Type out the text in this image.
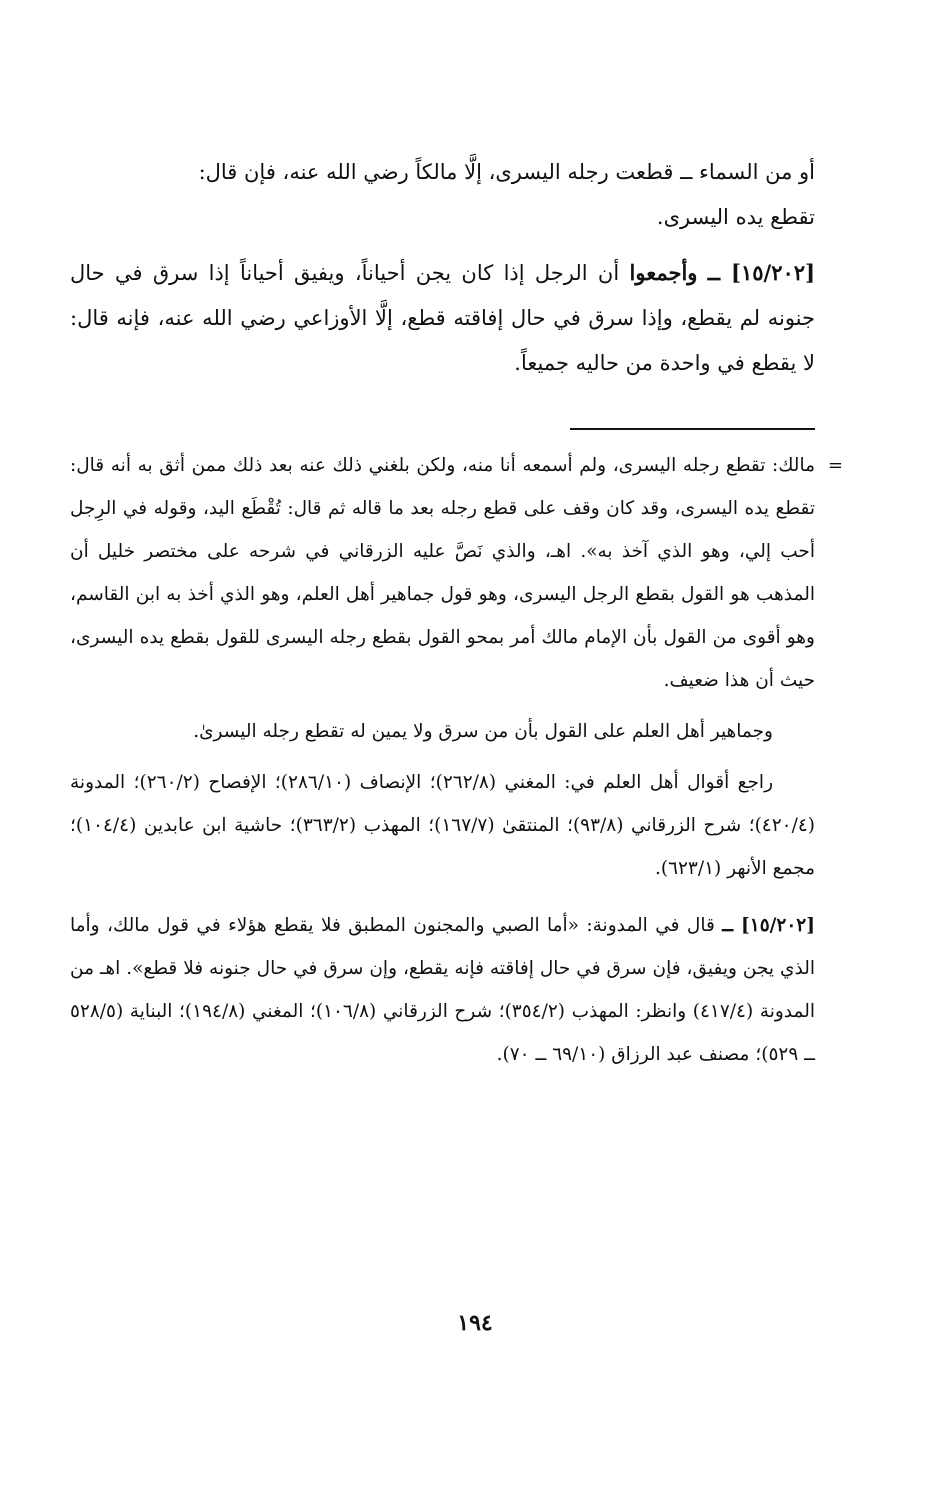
أو من السماء ــ قطعت رجله اليسرى، إلَّا مالكاً رضي الله عنه، فإن قال:
تقطع يده اليسرى.

[١٥/٢٠٢] ــ وأجمعوا أن الرجل إذا كان يجن أحياناً، ويفيق أحياناً إذا سرق في حال جنونه لم يقطع، وإذا سرق في حال إفاقته قطع، إلَّا الأوزاعي رضي الله عنه، فإنه قال: لا يقطع في واحدة من حاليه جميعاً.

=
مالك: تقطع رجله اليسرى، ولم أسمعه أنا منه، ولكن بلغني ذلك عنه بعد ذلك ممن أثق به أنه قال: تقطع يده اليسرى، وقد كان وقف على قطع رجله بعد ما قاله ثم قال: تُقْطَع اليد، وقوله في الرِجل أحب إلي، وهو الذي آخذ به». اهـ، والذي نَصَّ عليه الزرقاني في شرحه على مختصر خليل أن المذهب هو القول بقطع الرجل اليسرى، وهو قول جماهير أهل العلم، وهو الذي أخذ به ابن القاسم، وهو أقوى من القول بأن الإمام مالك أمر بمحو القول بقطع رجله اليسرى للقول بقطع يده اليسرى، حيث أن هذا ضعيف.

وجماهير أهل العلم على القول بأن من سرق ولا يمين له تقطع رجله اليسرىٰ.

راجع أقوال أهل العلم في: المغني (٢٦٢/٨)؛ الإنصاف (٢٨٦/١٠)؛ الإفصاح (٢٦٠/٢)؛ المدونة (٤٢٠/٤)؛ شرح الزرقاني (٩٣/٨)؛ المنتقىٰ (١٦٧/٧)؛ المهذب (٣٦٣/٢)؛ حاشية ابن عابدين (١٠٤/٤)؛ مجمع الأنهر (٦٢٣/١).

[١٥/٢٠٢] ــ قال في المدونة: «أما الصبي والمجنون المطبق فلا يقطع هؤلاء في قول مالك، وأما الذي يجن ويفيق، فإن سرق في حال إفاقته فإنه يقطع، وإن سرق في حال جنونه فلا قطع». اهـ من المدونة (٤١٧/٤) وانظر: المهذب (٣٥٤/٢)؛ شرح الزرقاني (١٠٦/٨)؛ المغني (١٩٤/٨)؛ البناية (٥٢٨/٥ ــ ٥٢٩)؛ مصنف عبد الرزاق (٦٩/١٠ ــ ٧٠).

١٩٤
